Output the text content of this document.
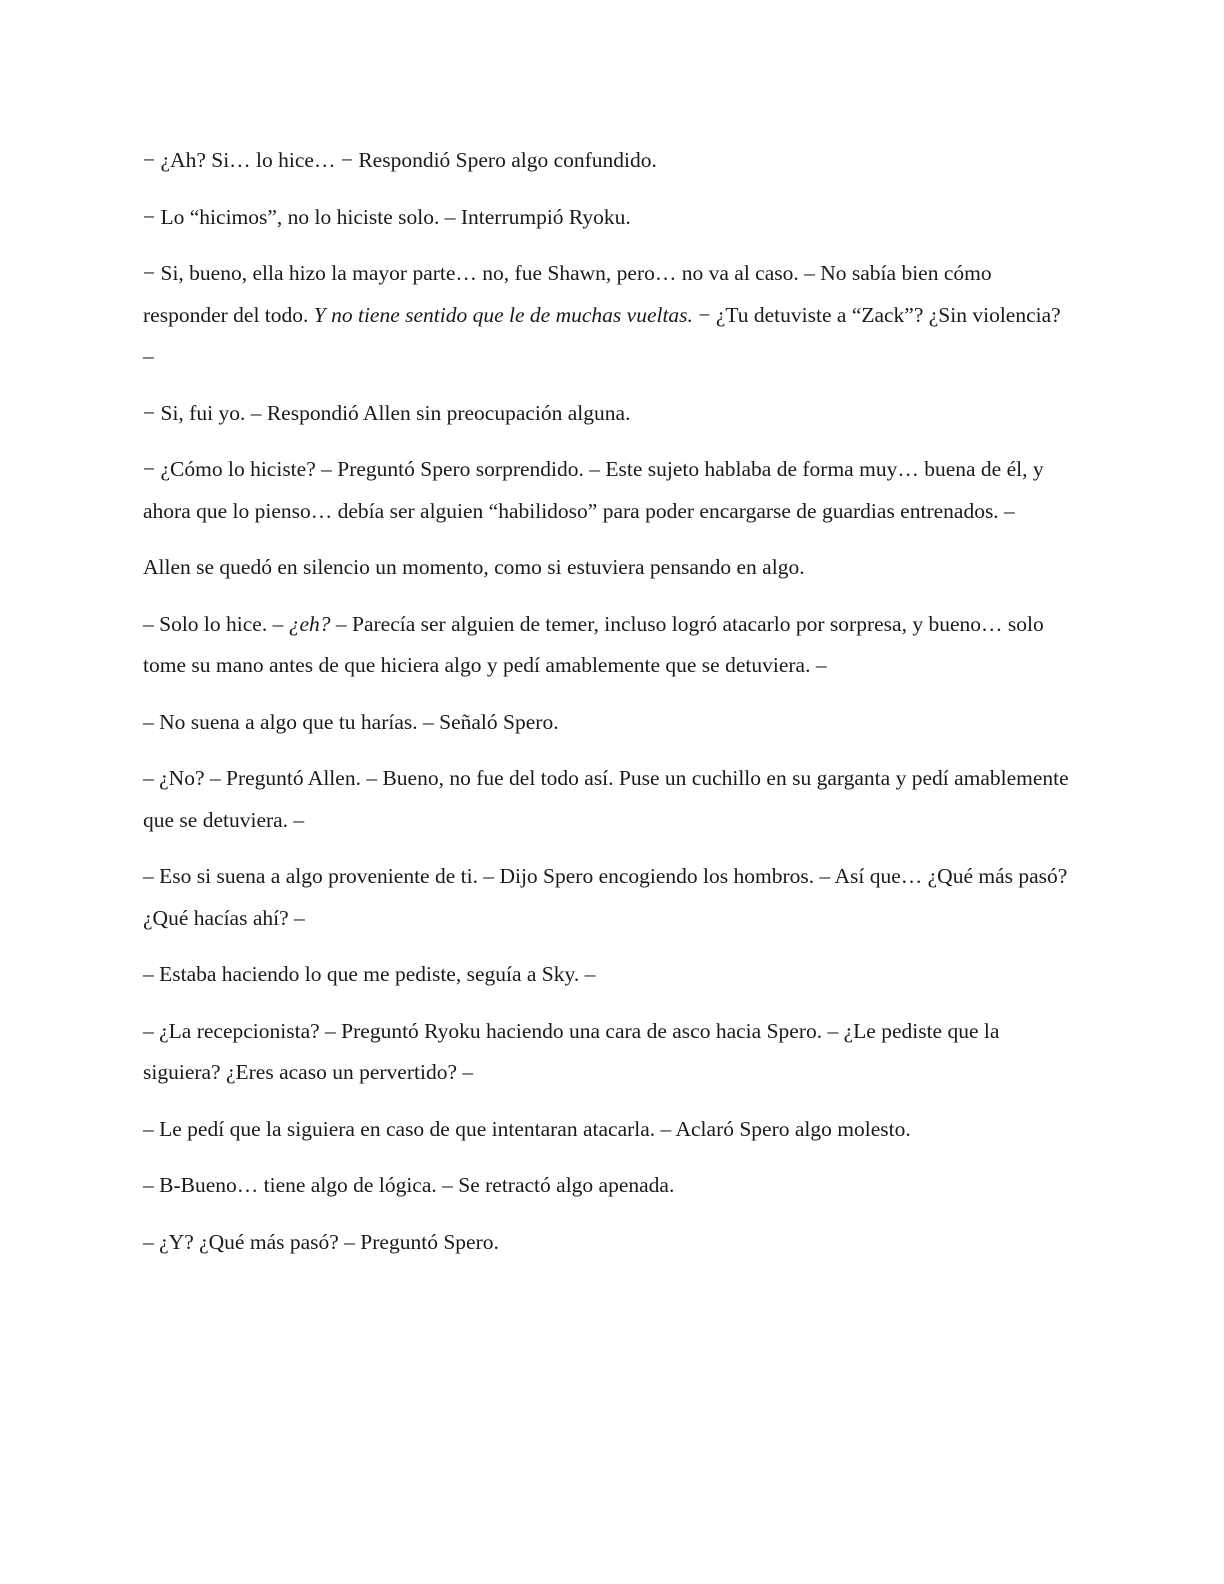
− ¿Ah? Si… lo hice… − Respondió Spero algo confundido.

− Lo “hicimos”, no lo hiciste solo. – Interrumpió Ryoku.

− Si, bueno, ella hizo la mayor parte… no, fue Shawn, pero… no va al caso. – No sabía bien cómo responder del todo. Y no tiene sentido que le de muchas vueltas. − ¿Tu detuviste a “Zack”? ¿Sin violencia? –

− Si, fui yo. – Respondió Allen sin preocupación alguna.

− ¿Cómo lo hiciste? – Preguntó Spero sorprendido. – Este sujeto hablaba de forma muy… buena de él, y ahora que lo pienso… debía ser alguien “habilidoso” para poder encargarse de guardias entrenados. –

Allen se quedó en silencio un momento, como si estuviera pensando en algo.

– Solo lo hice. – ¿eh? – Parecía ser alguien de temer, incluso logró atacarlo por sorpresa, y bueno… solo tome su mano antes de que hiciera algo y pedí amablemente que se detuviera. –

– No suena a algo que tu harías. – Señaló Spero.

– ¿No? – Preguntó Allen. – Bueno, no fue del todo así. Puse un cuchillo en su garganta y pedí amablemente que se detuviera. –

– Eso si suena a algo proveniente de ti. – Dijo Spero encogiendo los hombros. – Así que… ¿Qué más pasó? ¿Qué hacías ahí? –

– Estaba haciendo lo que me pediste, seguía a Sky. –

– ¿La recepcionista? – Preguntó Ryoku haciendo una cara de asco hacia Spero. – ¿Le pediste que la siguiera? ¿Eres acaso un pervertido? –

– Le pedí que la siguiera en caso de que intentaran atacarla. – Aclaró Spero algo molesto.

– B-Bueno… tiene algo de lógica. – Se retractó algo apenada.

– ¿Y? ¿Qué más pasó? – Preguntó Spero.
